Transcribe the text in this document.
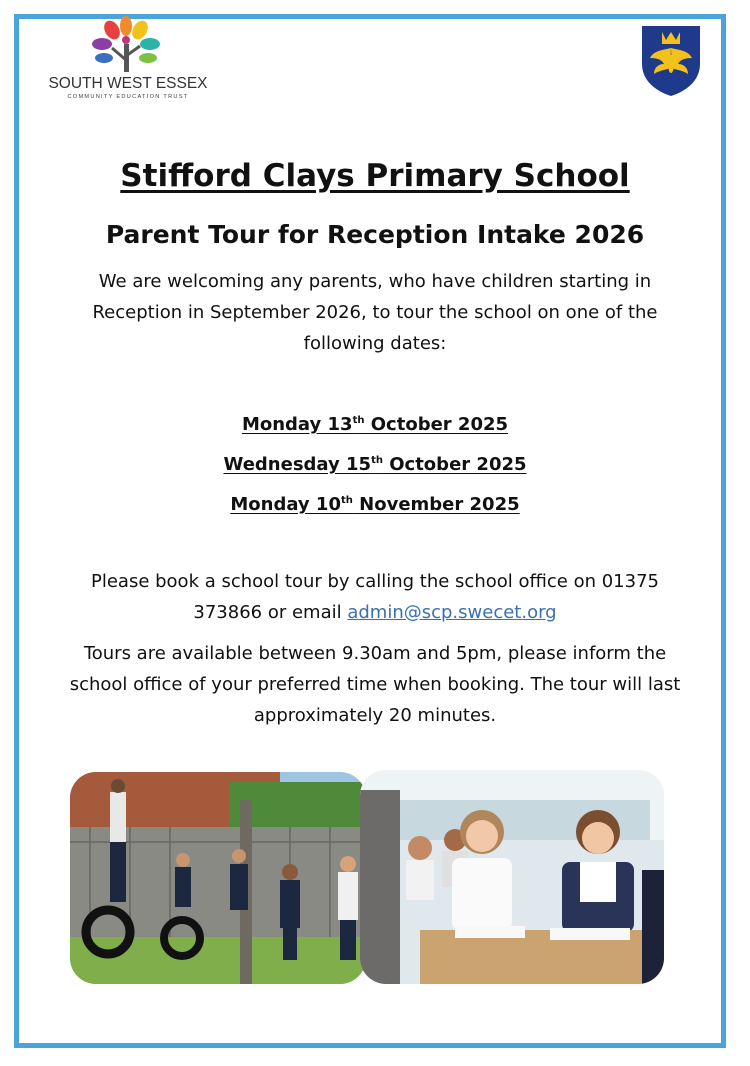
SOUTH WEST ESSEX
COMMUNITY EDUCATION TRUST
Stifford Clays Primary School
Parent Tour for Reception Intake 2026
We are welcoming any parents, who have children starting in Reception in September 2026, to tour the school on one of the following dates:
Monday 13th October 2025
Wednesday 15th October 2025
Monday 10th November 2025
Please book a school tour by calling the school office on 01375 373866 or email admin@scp.swecet.org
Tours are available between 9.30am and 5pm, please inform the school office of your preferred time when booking. The tour will last approximately 20 minutes.
